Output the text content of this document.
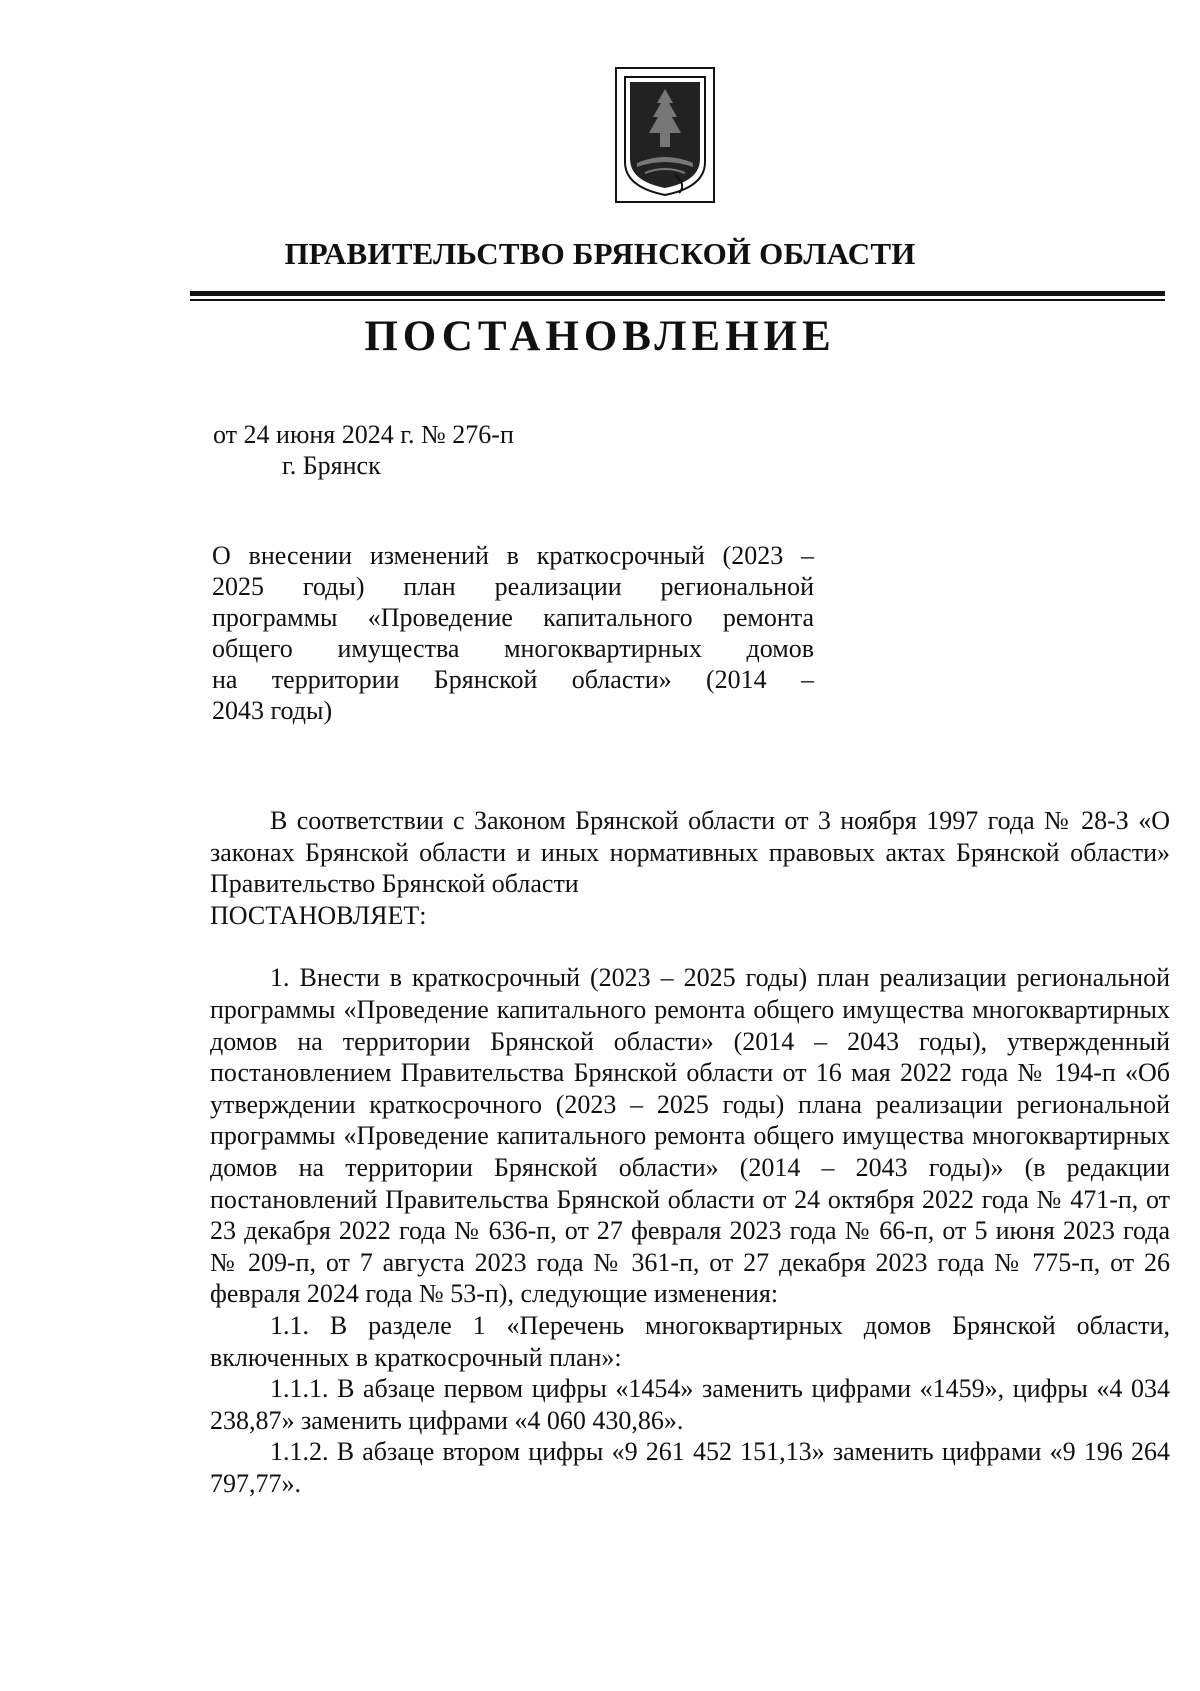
ПРАВИТЕЛЬСТВО БРЯНСКОЙ ОБЛАСТИ
ПОСТАНОВЛЕНИЕ
от 24 июня 2024 г. № 276-п
г. Брянск
О внесении изменений в краткосрочный (2023 –
2025 годы) план реализации региональной
программы «Проведение капитального ремонта
общего имущества многоквартирных домов
на территории Брянской области» (2014 –
2043 годы)

В соответствии с Законом Брянской области от 3 ноября 1997 года № 28-З «О законах Брянской области и иных нормативных правовых актах Брянской области» Правительство Брянской области

ПОСТАНОВЛЯЕТ:

1. Внести в краткосрочный (2023 – 2025 годы) план реализации региональной программы «Проведение капитального ремонта общего имущества многоквартирных домов на территории Брянской области» (2014 – 2043 годы), утвержденный постановлением Правительства Брянской области от 16 мая 2022 года № 194-п «Об утверждении краткосрочного (2023 – 2025 годы) плана реализации региональной программы «Проведение капитального ремонта общего имущества многоквартирных домов на территории Брянской области» (2014 – 2043 годы)» (в редакции постановлений Правительства Брянской области от 24 октября 2022 года № 471-п, от 23 декабря 2022 года № 636-п, от 27 февраля 2023 года № 66-п, от 5 июня 2023 года № 209-п, от 7 августа 2023 года № 361-п, от 27 декабря 2023 года № 775-п, от 26 февраля 2024 года № 53-п), следующие изменения:

1.1. В разделе 1 «Перечень многоквартирных домов Брянской области, включенных в краткосрочный план»:

1.1.1. В абзаце первом цифры «1454» заменить цифрами «1459», цифры «4 034 238,87» заменить цифрами «4 060 430,86».

1.1.2. В абзаце втором цифры «9 261 452 151,13» заменить цифрами «9 196 264 797,77».
